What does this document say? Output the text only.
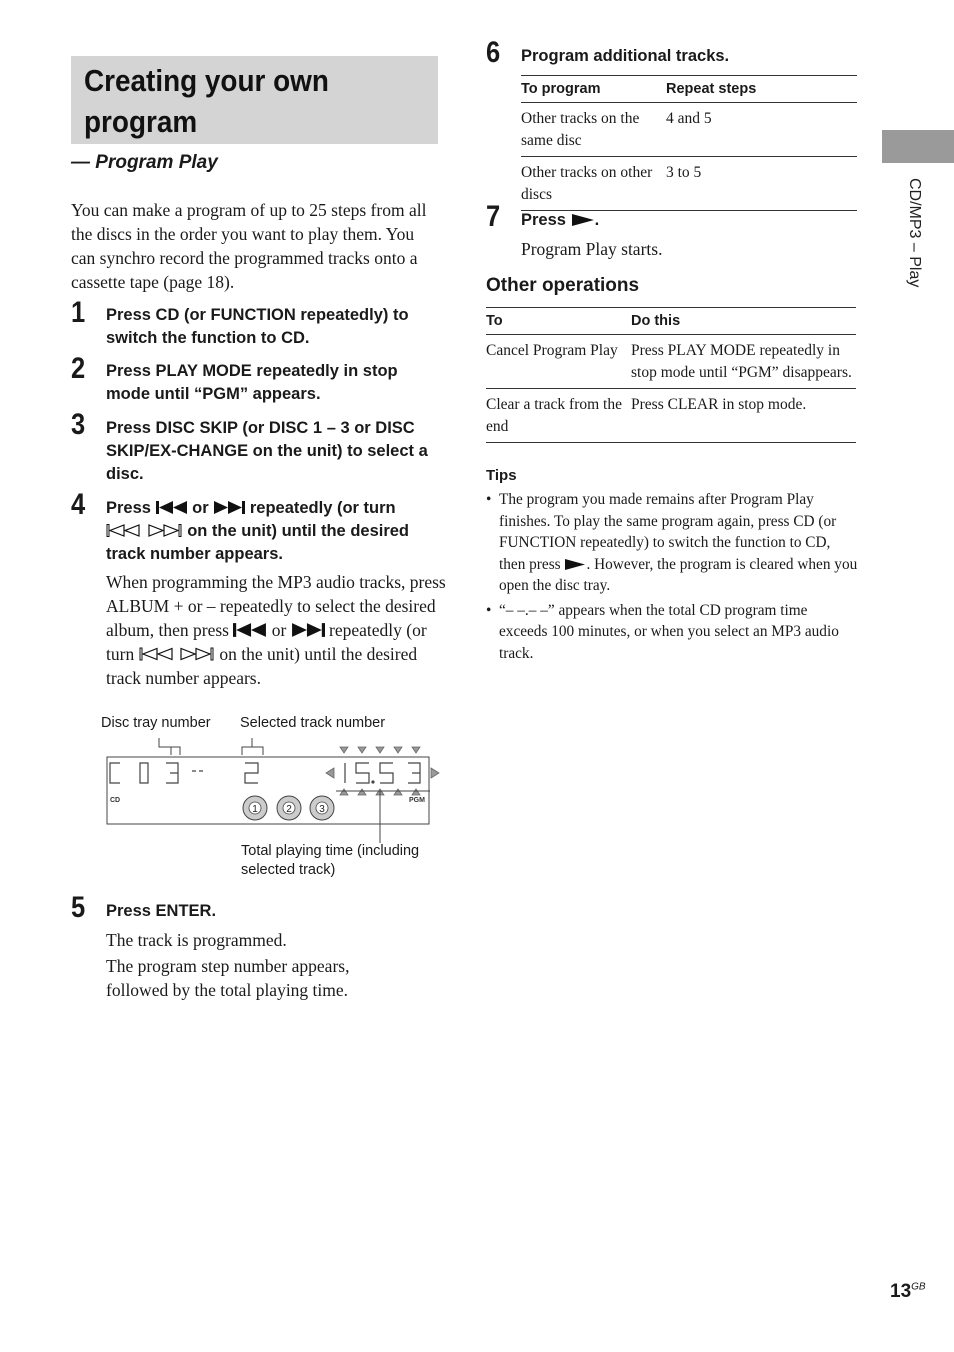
Creating your own program
— Program Play
You can make a program of up to 25 steps from all the discs in the order you want to play them. You can synchro record the programmed tracks onto a cassette tape (page 18).
1 Press CD (or FUNCTION repeatedly) to switch the function to CD.
2 Press PLAY MODE repeatedly in stop mode until “PGM” appears.
3 Press DISC SKIP (or DISC 1 – 3 or DISC SKIP/EX-CHANGE on the unit) to select a disc.
4 Press or repeatedly (or turn

on the unit) until the desired track number appears.
When programming the MP3 audio tracks, press ALBUM + or – repeatedly to select the desired album, then press or repeatedly (or turn
	on the unit) until the desired track number appears.
Disc tray number Selected track number
Total playing time (including selected track)
CD	PGM
1	2	3
5 Press ENTER.
The track is programmed.
The program step number appears, followed by the total playing time.
6 Program additional tracks.
To program	Repeat steps
Other tracks on the same disc	4 and 5
Other tracks on other discs	3 to 5
7 Press .
Program Play starts.
Other operations
To	Do this
Cancel Program Play	Press PLAY MODE repeatedly in stop mode until “PGM” disappears.
Clear a track from the end	Press CLEAR in stop mode.
Tips
• The program you made remains after Program Play finishes. To play the same program again, press CD (or FUNCTION repeatedly) to switch the function to CD, then press . However, the program is cleared when you open the disc tray.
• “– –.– –” appears when the total CD program time exceeds 100 minutes, or when you select an MP3 audio track.
CD/MP3 – Play
$13^{GB}$
